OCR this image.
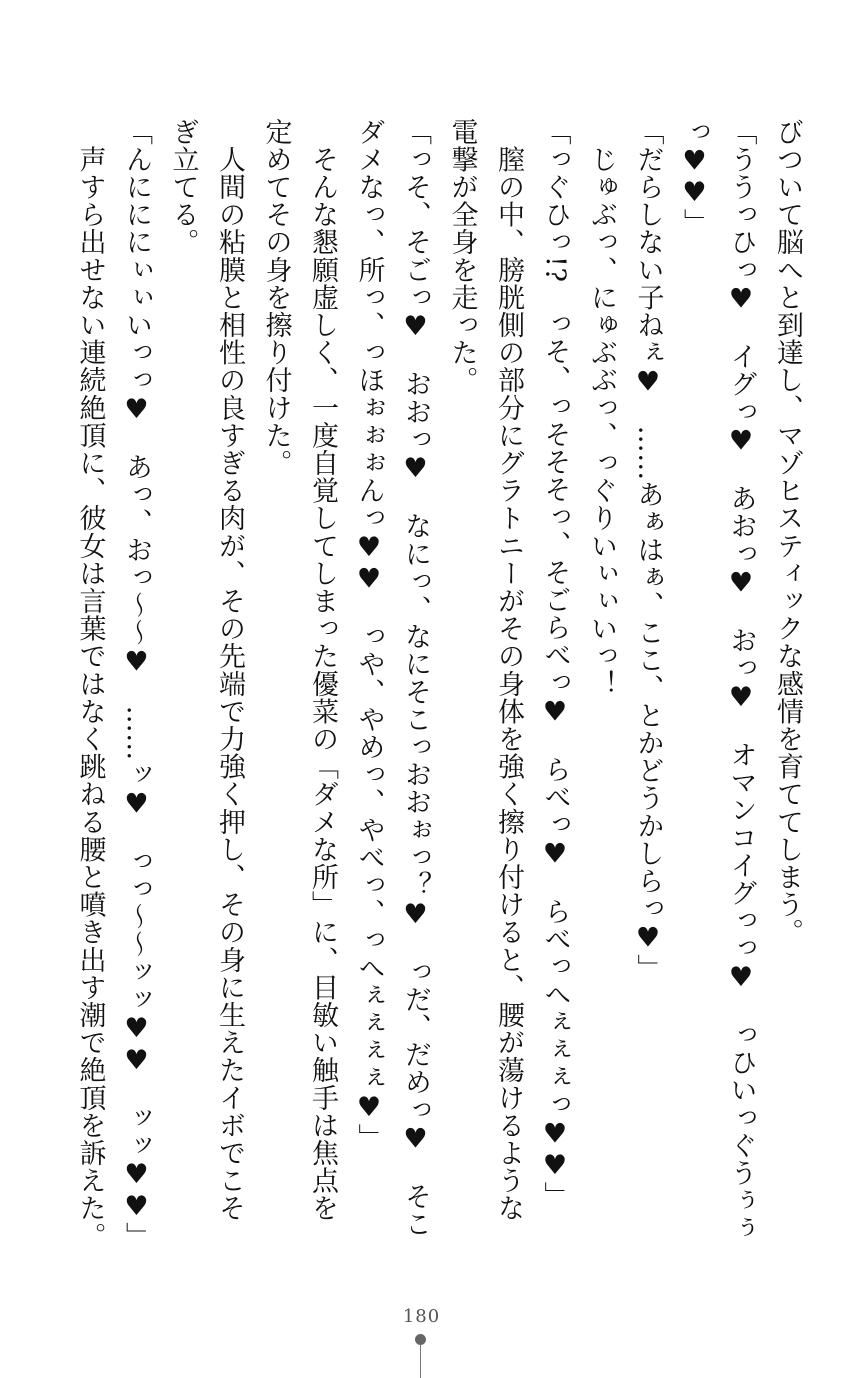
びついて脳へと到達し、マゾヒスティックな感情を育ててしまう。
「ううっひっ♥　イグっ♥　あおっ♥　おっ♥　オマンコイグっっ♥　っひいっぐうぅぅ
っ♥♥」
「だらしない子ねぇ♥　……あぁはぁ、ここ、とかどうかしらっ♥」
　じゅぶっ、にゅぶぶっ、っぐりいぃぃいっ！
「っぐひっ!?　っそ、っそそそっ、そごらべっ♥　らべっ♥　らべっへぇぇぇっ♥♥」
　膣の中、膀胱側の部分にグラトニーがその身体を強く擦り付けると、腰が蕩けるような
電撃が全身を走った。
「っそ、そごっ♥　おおっ♥　なにっ、なにそこっおおぉっ？♥　っだ、だめっ♥　そこ
ダメなっ、所っ、っほぉぉぉんっ♥♥　っや、やめっ、やべっ、っへぇぇぇぇ♥」
　そんな懇願虚しく、一度自覚してしまった優菜の「ダメな所」に、目敏い触手は焦点を
定めてその身を擦り付けた。
　人間の粘膜と相性の良すぎる肉が、その先端で力強く押し、その身に生えたイボでこそ
ぎ立てる。
「んにににぃぃいっっ♥　あっ、おっ～～♥　……ッ♥　っっ～～ッッ♥♥　ッッ♥♥」
　声すら出せない連続絶頂に、彼女は言葉ではなく跳ねる腰と噴き出す潮で絶頂を訴えた。
180
